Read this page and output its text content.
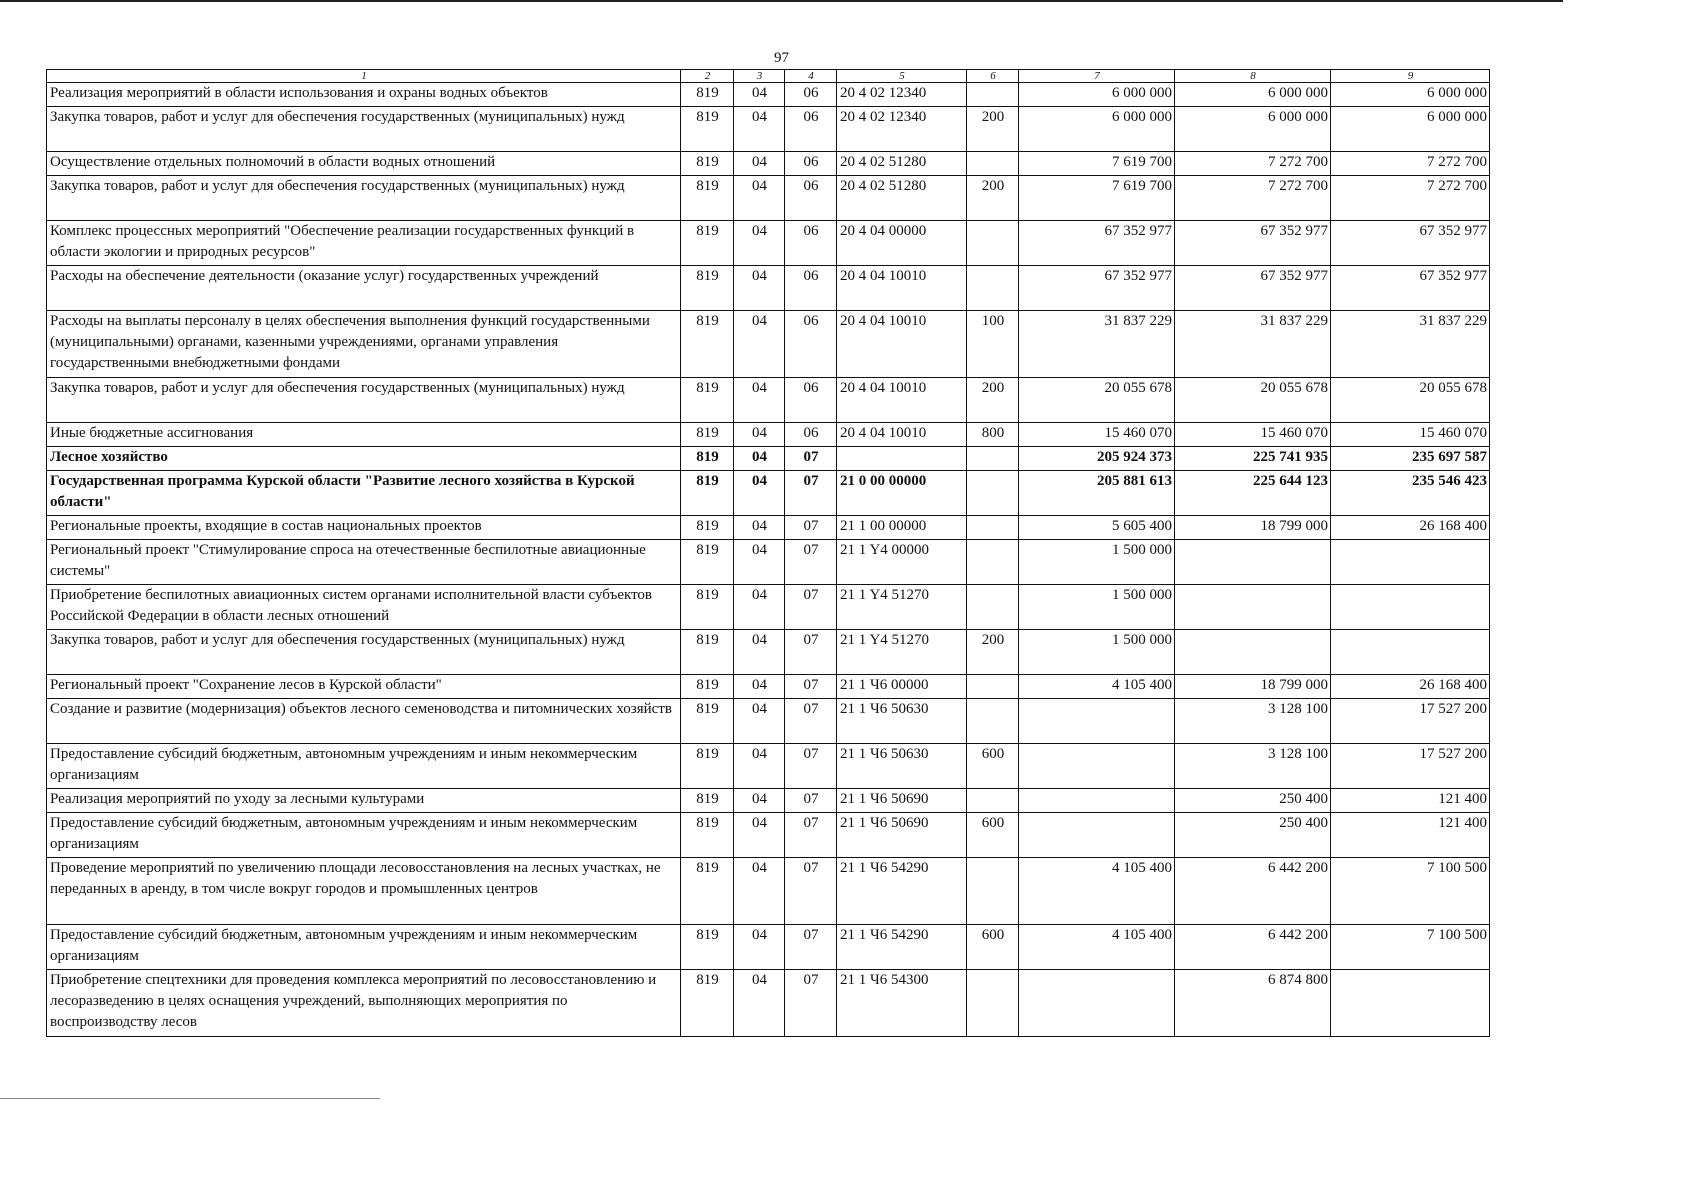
97
1	2	3	4	5	6	7	8	9
Реализация мероприятий в области использования и охраны водных объектов	819	04	06	20 4 02 12340		6 000 000	6 000 000	6 000 000
Закупка товаров, работ и услуг для обеспечения государственных (муниципальных) нужд	819	04	06	20 4 02 12340	200	6 000 000	6 000 000	6 000 000
Осуществление отдельных полномочий в области водных отношений	819	04	06	20 4 02 51280		7 619 700	7 272 700	7 272 700
Закупка товаров, работ и услуг для обеспечения государственных (муниципальных) нужд	819	04	06	20 4 02 51280	200	7 619 700	7 272 700	7 272 700
Комплекс процессных мероприятий "Обеспечение реализации государственных функций в области экологии и природных ресурсов"	819	04	06	20 4 04 00000		67 352 977	67 352 977	67 352 977
Расходы на обеспечение деятельности (оказание услуг) государственных учреждений	819	04	06	20 4 04 10010		67 352 977	67 352 977	67 352 977
Расходы на выплаты персоналу в целях обеспечения выполнения функций государственными (муниципальными) органами, казенными учреждениями, органами управления государственными внебюджетными фондами	819	04	06	20 4 04 10010	100	31 837 229	31 837 229	31 837 229
Закупка товаров, работ и услуг для обеспечения государственных (муниципальных) нужд	819	04	06	20 4 04 10010	200	20 055 678	20 055 678	20 055 678
Иные бюджетные ассигнования	819	04	06	20 4 04 10010	800	15 460 070	15 460 070	15 460 070
Лесное хозяйство	819	04	07			205 924 373	225 741 935	235 697 587
Государственная программа Курской области "Развитие лесного хозяйства в Курской области"	819	04	07	21 0 00 00000		205 881 613	225 644 123	235 546 423
Региональные проекты, входящие в состав национальных проектов	819	04	07	21 1 00 00000		5 605 400	18 799 000	26 168 400
Региональный проект "Стимулирование спроса на отечественные беспилотные авиационные системы"	819	04	07	21 1 Y4 00000		1 500 000		
Приобретение беспилотных авиационных систем органами исполнительной власти субъектов Российской Федерации в области лесных отношений	819	04	07	21 1 Y4 51270		1 500 000		
Закупка товаров, работ и услуг для обеспечения государственных (муниципальных) нужд	819	04	07	21 1 Y4 51270	200	1 500 000		
Региональный проект "Сохранение лесов в Курской области"	819	04	07	21 1 Ч6 00000		4 105 400	18 799 000	26 168 400
Создание и развитие (модернизация) объектов лесного семеноводства и питомнических хозяйств	819	04	07	21 1 Ч6 50630			3 128 100	17 527 200
Предоставление субсидий бюджетным, автономным учреждениям и иным некоммерческим организациям	819	04	07	21 1 Ч6 50630	600		3 128 100	17 527 200
Реализация мероприятий по уходу за лесными культурами	819	04	07	21 1 Ч6 50690			250 400	121 400
Предоставление субсидий бюджетным, автономным учреждениям и иным некоммерческим организациям	819	04	07	21 1 Ч6 50690	600		250 400	121 400
Проведение мероприятий по увеличению площади лесовосстановления на лесных участках, не переданных в аренду, в том числе вокруг городов и промышленных центров	819	04	07	21 1 Ч6 54290		4 105 400	6 442 200	7 100 500
Предоставление субсидий бюджетным, автономным учреждениям и иным некоммерческим организациям	819	04	07	21 1 Ч6 54290	600	4 105 400	6 442 200	7 100 500
Приобретение спецтехники для проведения комплекса мероприятий по лесовосстановлению и лесоразведению в целях оснащения учреждений, выполняющих мероприятия по воспроизводству лесов	819	04	07	21 1 Ч6 54300			6 874 800	
